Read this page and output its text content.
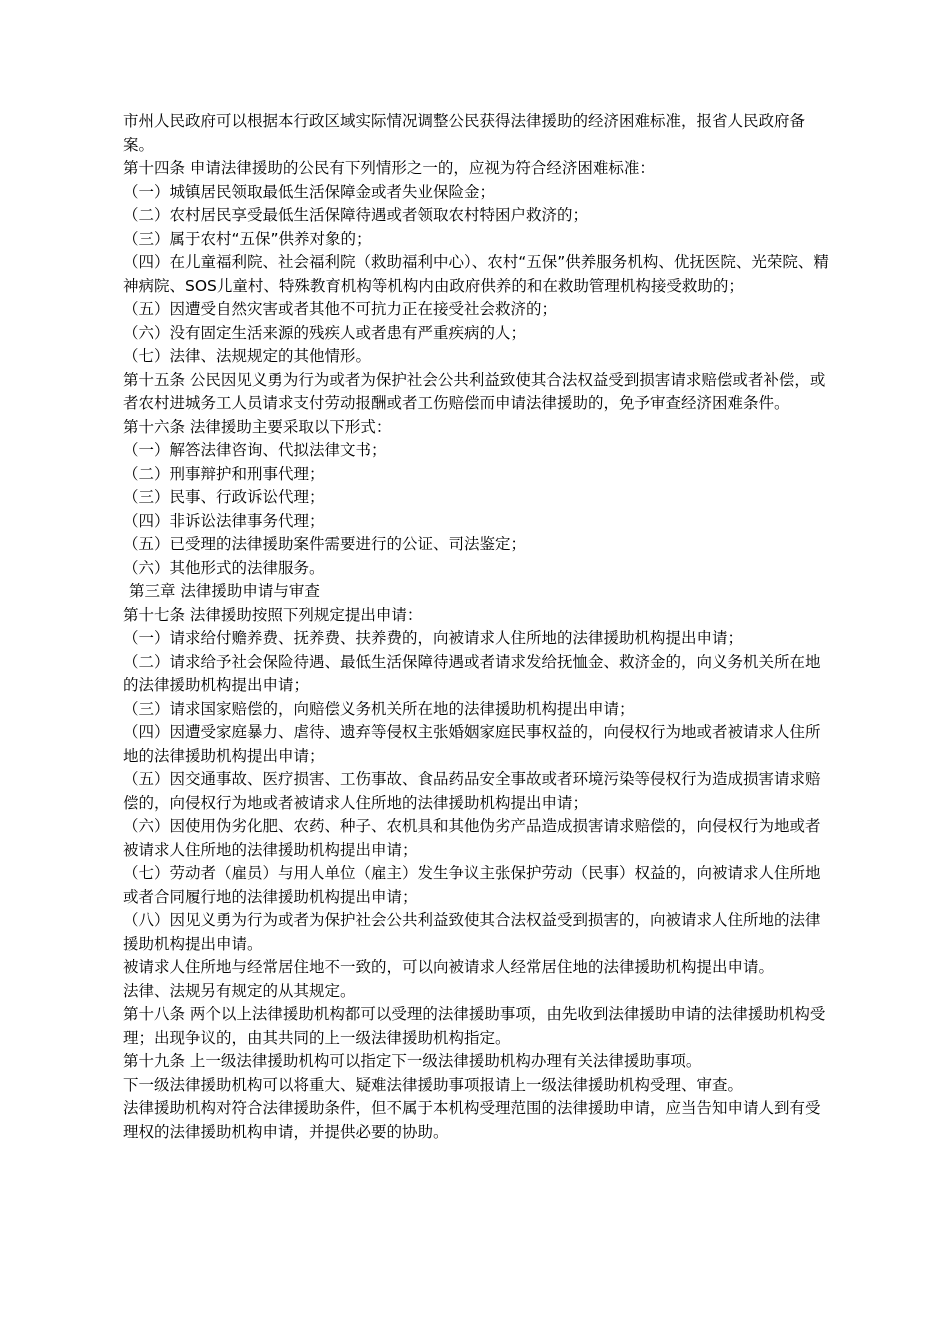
市州人民政府可以根据本行政区域实际情况调整公民获得法律援助的经济困难标准，报省人民政府备案。

第十四条 申请法律援助的公民有下列情形之一的，应视为符合经济困难标准：

（一）城镇居民领取最低生活保障金或者失业保险金；

（二）农村居民享受最低生活保障待遇或者领取农村特困户救济的；

（三）属于农村“五保”供养对象的；

（四）在儿童福利院、社会福利院（救助福利中心）、农村“五保”供养服务机构、优抚医院、光荣院、精神病院、SOS儿童村、特殊教育机构等机构内由政府供养的和在救助管理机构接受救助的；

（五）因遭受自然灾害或者其他不可抗力正在接受社会救济的；

（六）没有固定生活来源的残疾人或者患有严重疾病的人；

（七）法律、法规规定的其他情形。

第十五条 公民因见义勇为行为或者为保护社会公共利益致使其合法权益受到损害请求赔偿或者补偿，或者农村进城务工人员请求支付劳动报酬或者工伤赔偿而申请法律援助的，免予审查经济困难条件。

第十六条 法律援助主要采取以下形式：

（一）解答法律咨询、代拟法律文书；

（二）刑事辩护和刑事代理；

（三）民事、行政诉讼代理；

（四）非诉讼法律事务代理；

（五）已受理的法律援助案件需要进行的公证、司法鉴定；

（六）其他形式的法律服务。

第三章 法律援助申请与审查

第十七条 法律援助按照下列规定提出申请：

（一）请求给付赡养费、抚养费、扶养费的，向被请求人住所地的法律援助机构提出申请；

（二）请求给予社会保险待遇、最低生活保障待遇或者请求发给抚恤金、救济金的，向义务机关所在地的法律援助机构提出申请；

（三）请求国家赔偿的，向赔偿义务机关所在地的法律援助机构提出申请；

（四）因遭受家庭暴力、虐待、遗弃等侵权主张婚姻家庭民事权益的，向侵权行为地或者被请求人住所地的法律援助机构提出申请；

（五）因交通事故、医疗损害、工伤事故、食品药品安全事故或者环境污染等侵权行为造成损害请求赔偿的，向侵权行为地或者被请求人住所地的法律援助机构提出申请；

（六）因使用伪劣化肥、农药、种子、农机具和其他伪劣产品造成损害请求赔偿的，向侵权行为地或者被请求人住所地的法律援助机构提出申请；

（七）劳动者（雇员）与用人单位（雇主）发生争议主张保护劳动（民事）权益的，向被请求人住所地或者合同履行地的法律援助机构提出申请；

（八）因见义勇为行为或者为保护社会公共利益致使其合法权益受到损害的，向被请求人住所地的法律援助机构提出申请。

被请求人住所地与经常居住地不一致的，可以向被请求人经常居住地的法律援助机构提出申请。

法律、法规另有规定的从其规定。

第十八条 两个以上法律援助机构都可以受理的法律援助事项，由先收到法律援助申请的法律援助机构受理；出现争议的，由其共同的上一级法律援助机构指定。

第十九条 上一级法律援助机构可以指定下一级法律援助机构办理有关法律援助事项。

下一级法律援助机构可以将重大、疑难法律援助事项报请上一级法律援助机构受理、审查。

法律援助机构对符合法律援助条件，但不属于本机构受理范围的法律援助申请，应当告知申请人到有受理权的法律援助机构申请，并提供必要的协助。
